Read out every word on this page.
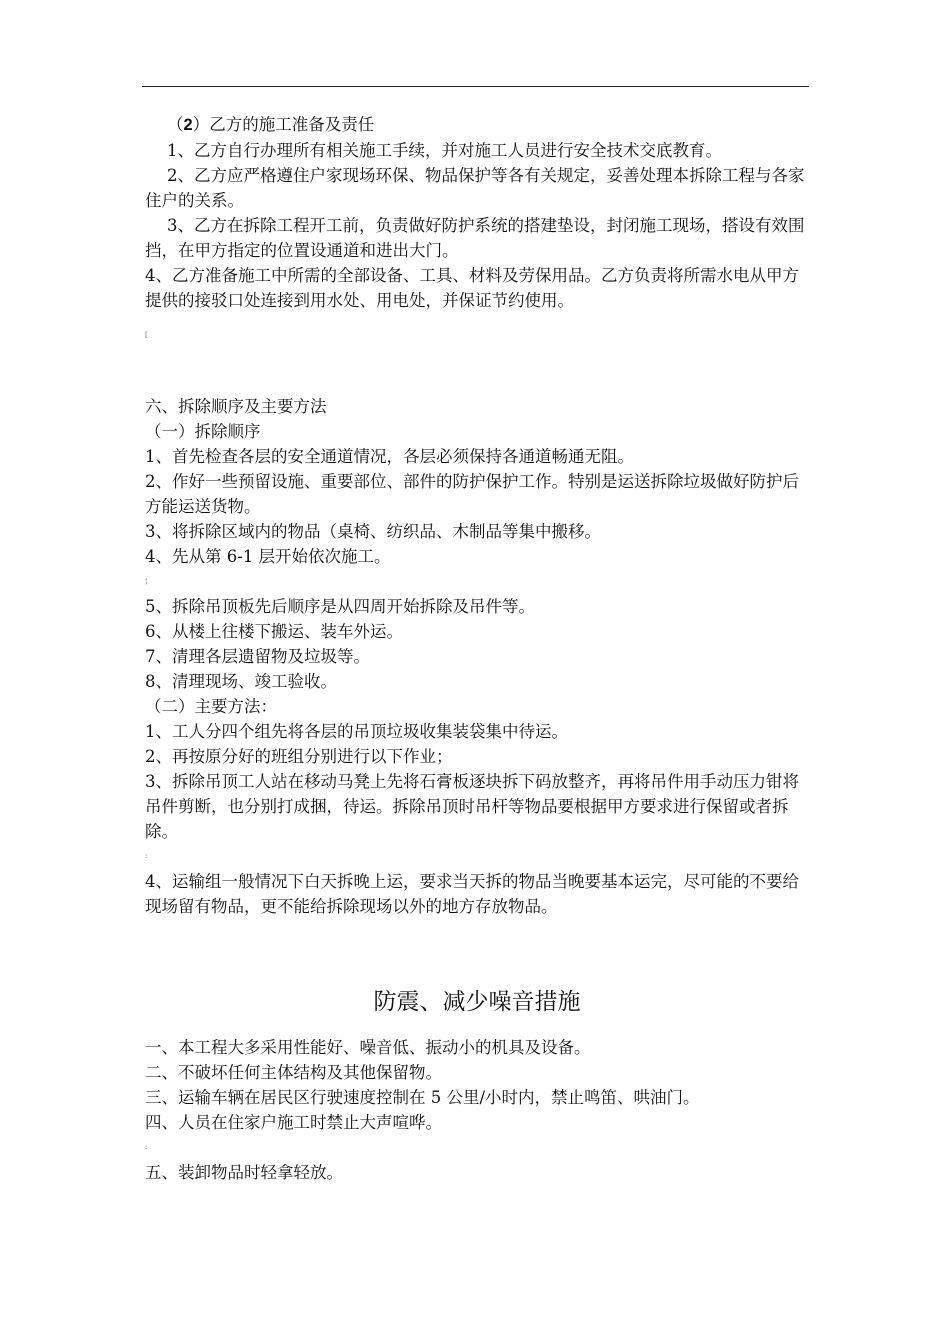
（2）乙方的施工准备及责任

1、乙方自行办理所有相关施工手续，并对施工人员进行安全技术交底教育。

2、乙方应严格遵住户家现场环保、物品保护等各有关规定，妥善处理本拆除工程与各家住户的关系。

3、乙方在拆除工程开工前，负责做好防护系统的搭建垫设，封闭施工现场，搭设有效围挡，在甲方指定的位置设通道和进出大门。

4、乙方准备施工中所需的全部设备、工具、材料及劳保用品。乙方负责将所需水电从甲方提供的接驳口处连接到用水处、用电处，并保证节约使用。

[

六、拆除顺序及主要方法

（一）拆除顺序

1、首先检查各层的安全通道情况，各层必须保持各通道畅通无阻。

2、作好一些预留设施、重要部位、部件的防护保护工作。特别是运送拆除垃圾做好防护后方能运送货物。

3、将拆除区域内的物品（桌椅、纺织品、木制品等集中搬移。

4、先从第 6-1 层开始依次施工。

¦

5、拆除吊顶板先后顺序是从四周开始拆除及吊件等。

6、从楼上往楼下搬运、装车外运。

7、清理各层遗留物及垃圾等。

8、清理现场、竣工验收。

（二）主要方法：

1、工人分四个组先将各层的吊顶垃圾收集装袋集中待运。

2、再按原分好的班组分别进行以下作业；

3、拆除吊顶工人站在移动马凳上先将石膏板逐块拆下码放整齐，再将吊件用手动压力钳将吊件剪断，也分别打成捆，待运。拆除吊顶时吊杆等物品要根据甲方要求进行保留或者拆除。

:

4、运输组一般情况下白天拆晚上运，要求当天拆的物品当晚要基本运完，尽可能的不要给现场留有物品，更不能给拆除现场以外的地方存放物品。

防震、减少噪音措施

一、本工程大多采用性能好、噪音低、振动小的机具及设备。

二、不破坏任何主体结构及其他保留物。

三、运输车辆在居民区行驶速度控制在 5 公里/小时内，禁止鸣笛、哄油门。

四、人员在住家户施工时禁止大声喧哗。

:

五、装卸物品时轻拿轻放。
